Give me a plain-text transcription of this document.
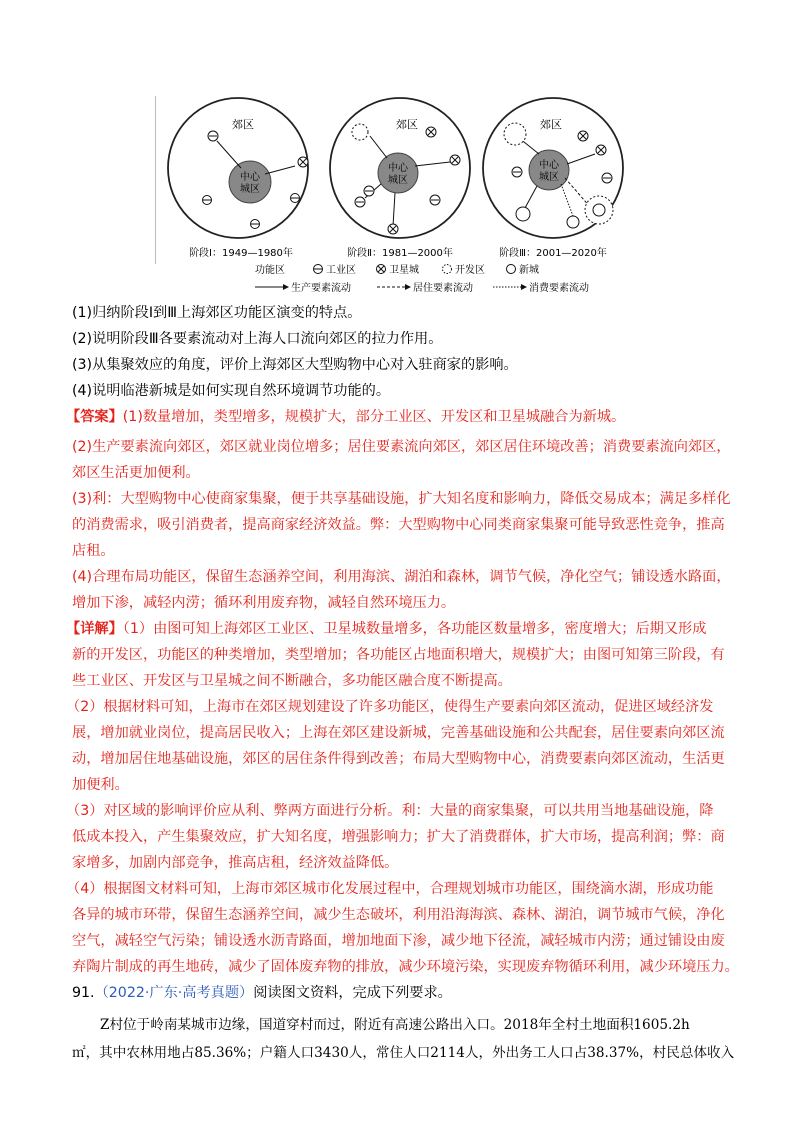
郊区
中心
城区
郊区
中心
城区
郊区
中心
城区
阶段Ⅰ：1949—1980年	阶段Ⅱ：1981—2000年	阶段Ⅲ：2001—2020年
功能区	工业区	卫星城	开发区	新城
生产要素流动	居住要素流动	消费要素流动
(1)归纳阶段Ⅰ到Ⅲ上海郊区功能区演变的特点。
(2)说明阶段Ⅲ各要素流动对上海人口流向郊区的拉力作用。
(3)从集聚效应的角度，评价上海郊区大型购物中心对入驻商家的影响。
(4)说明临港新城是如何实现自然环境调节功能的。
【答案】(1)数量增加，类型增多，规模扩大，部分工业区、开发区和卫星城融合为新城。
(2)生产要素流向郊区，郊区就业岗位增多；居住要素流向郊区，郊区居住环境改善；消费要素流向郊区，
郊区生活更加便利。
(3)利：大型购物中心使商家集聚，便于共享基础设施，扩大知名度和影响力，降低交易成本；满足多样化
的消费需求，吸引消费者，提高商家经济效益。弊：大型购物中心同类商家集聚可能导致恶性竞争，推高
店租。
(4)合理布局功能区，保留生态涵养空间，利用海滨、湖泊和森林，调节气候，净化空气；铺设透水路面，
增加下渗，减轻内涝；循环利用废弃物，减轻自然环境压力。
【详解】（1）由图可知上海郊区工业区、卫星城数量增多，各功能区数量增多，密度增大；后期又形成
新的开发区，功能区的种类增加，类型增加；各功能区占地面积增大，规模扩大；由图可知第三阶段，有
些工业区、开发区与卫星城之间不断融合，多功能区融合度不断提高。
（2）根据材料可知，上海市在郊区规划建设了许多功能区，使得生产要素向郊区流动，促进区域经济发
展，增加就业岗位，提高居民收入；上海在郊区建设新城，完善基础设施和公共配套，居住要素向郊区流
动，增加居住地基础设施，郊区的居住条件得到改善；布局大型购物中心，消费要素向郊区流动，生活更
加便利。
（3）对区域的影响评价应从利、弊两方面进行分析。利：大量的商家集聚，可以共用当地基础设施，降
低成本投入，产生集聚效应，扩大知名度，增强影响力；扩大了消费群体，扩大市场，提高利润；弊：商
家增多，加剧内部竞争，推高店租，经济效益降低。
（4）根据图文材料可知，上海市郊区城市化发展过程中，合理规划城市功能区，围绕滴水湖，形成功能
各异的城市环带，保留生态涵养空间，减少生态破坏，利用沿海海滨、森林、湖泊，调节城市气候，净化
空气，减轻空气污染；铺设透水沥青路面，增加地面下渗，减少地下径流，减轻城市内涝；通过铺设由废
弃陶片制成的再生地砖，减少了固体废弃物的排放，减少环境污染，实现废弃物循环利用，减少环境压力。
91.（2022·广东·高考真题）阅读图文资料，完成下列要求。
Z村位于岭南某城市边缘，国道穿村而过，附近有高速公路出入口。2018年全村土地面积1605.2h
㎡，其中农林用地占85.36%；户籍人口3430人，常住人口2114人，外出务工人口占38.37%，村民总体收入
